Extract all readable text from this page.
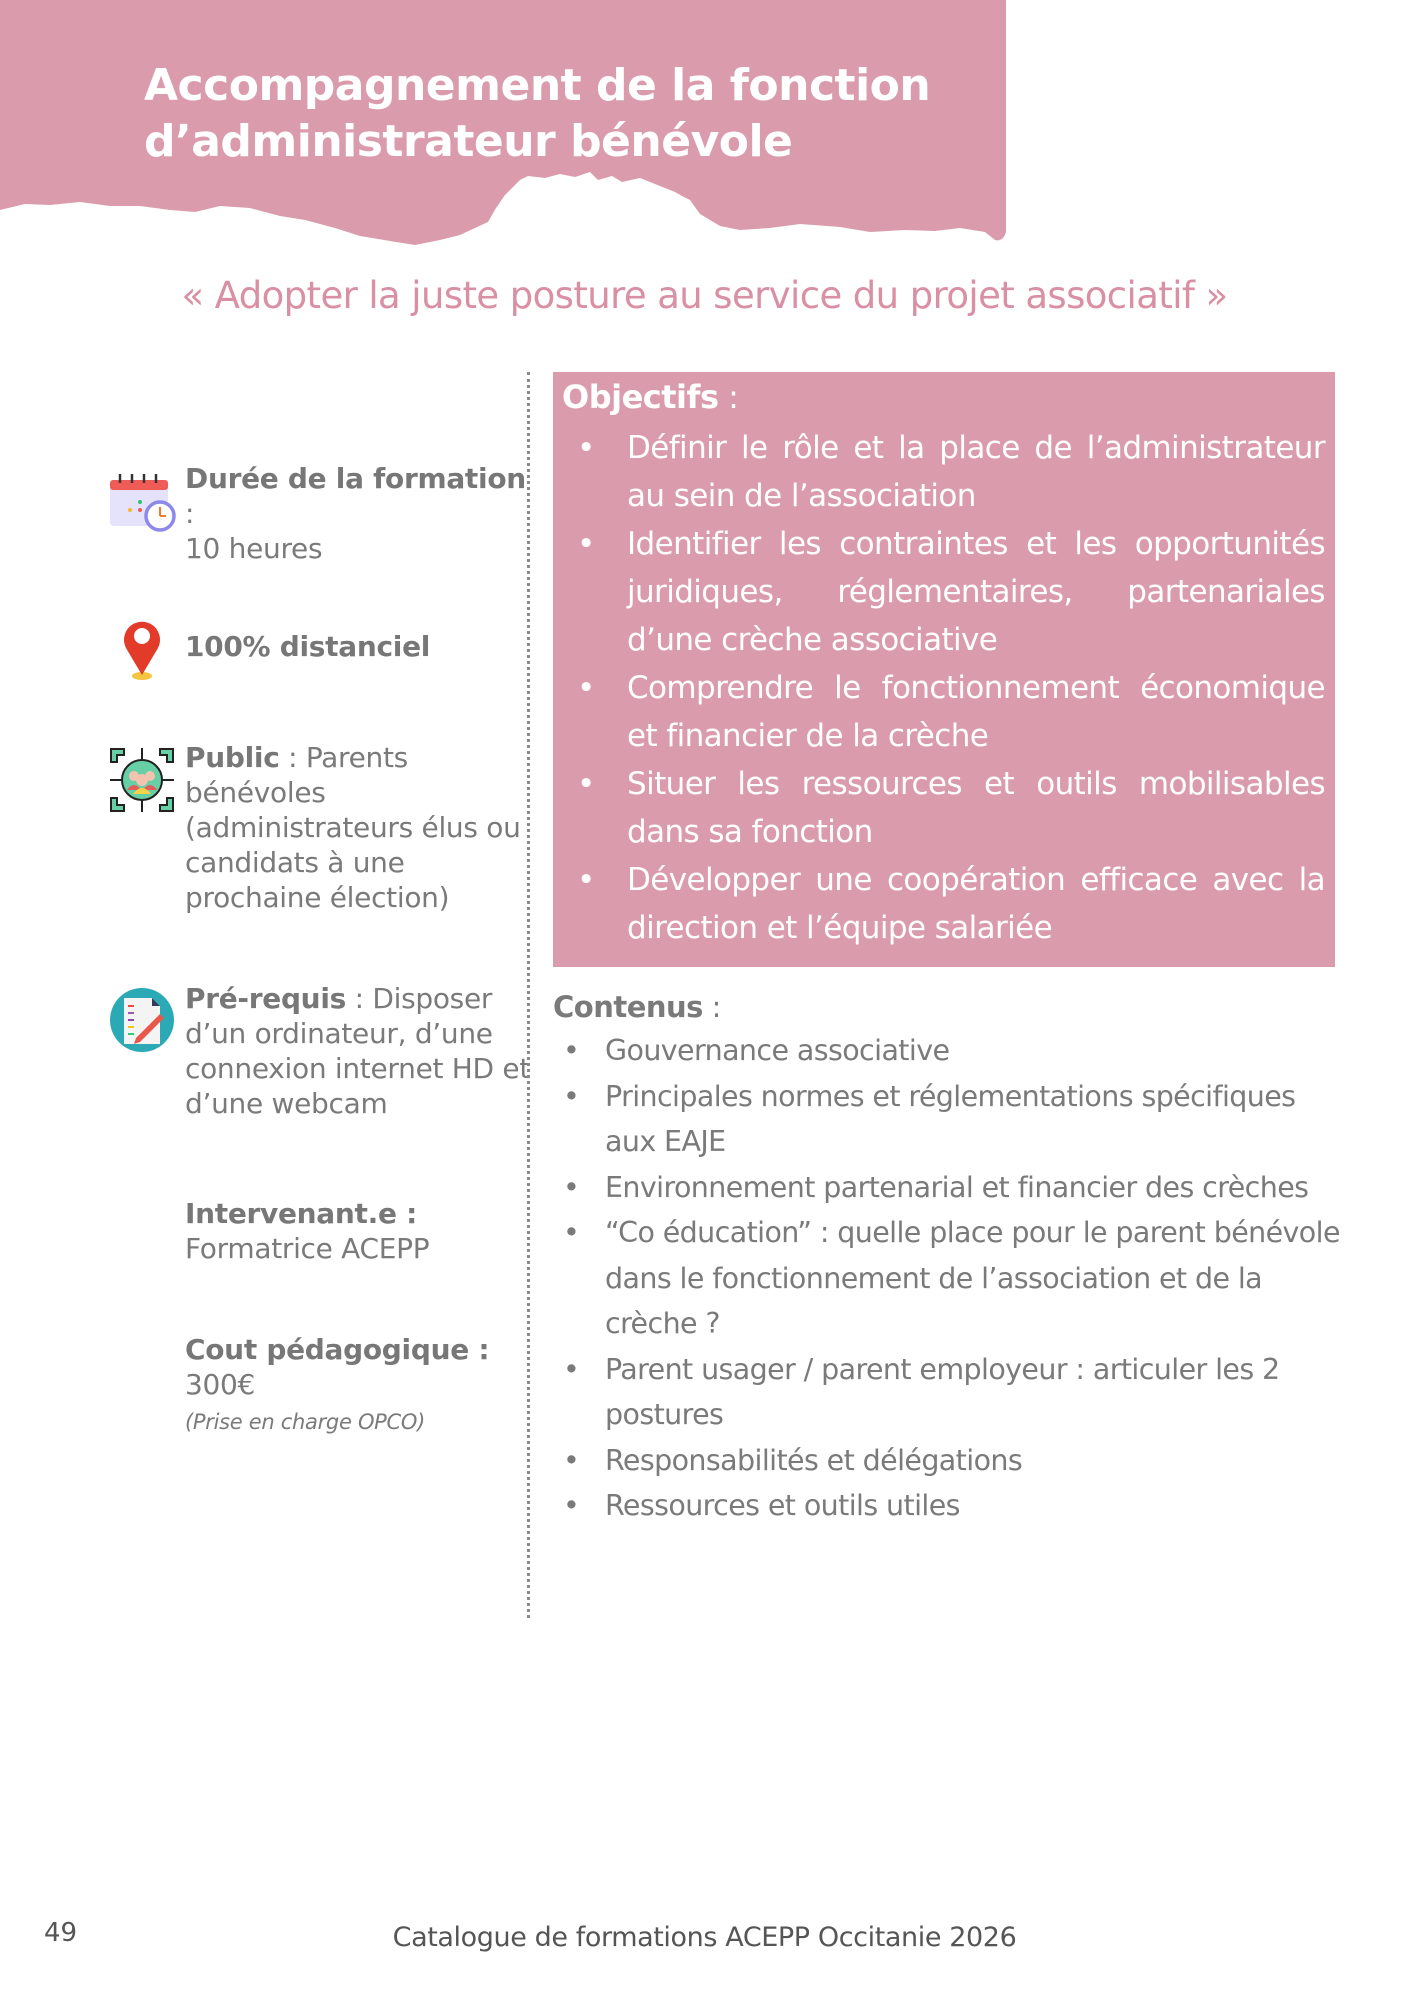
Accompagnement de la fonction
d’administrateur bénévole
« Adopter la juste posture au service du projet associatif »
Durée de la formation :
10 heures
100% distanciel
Public : Parents bénévoles (administrateurs élus ou candidats à une prochaine élection)
Pré-requis : Disposer d’un ordinateur, d’une connexion internet HD et d’une webcam
Intervenant.e :
Formatrice ACEPP
Cout pédagogique :
300€
(Prise en charge OPCO)
Objectifs :
• Définir le rôle et la place de l’administrateur au sein de l’association
• Identifier les contraintes et les opportunités juridiques, réglementaires, partenariales d’une crèche associative
• Comprendre le fonctionnement économique et financier de la crèche
• Situer les ressources et outils mobilisables dans sa fonction
• Développer une coopération efficace avec la direction et l’équipe salariée
Contenus :
• Gouvernance associative
• Principales normes et réglementations spécifiques aux EAJE
• Environnement partenarial et financier des crèches
• “Co éducation” : quelle place pour le parent bénévole dans le fonctionnement de l’association et de la crèche ?
• Parent usager / parent employeur : articuler les 2 postures
• Responsabilités et délégations
• Ressources et outils utiles
49	Catalogue de formations ACEPP Occitanie 2026
